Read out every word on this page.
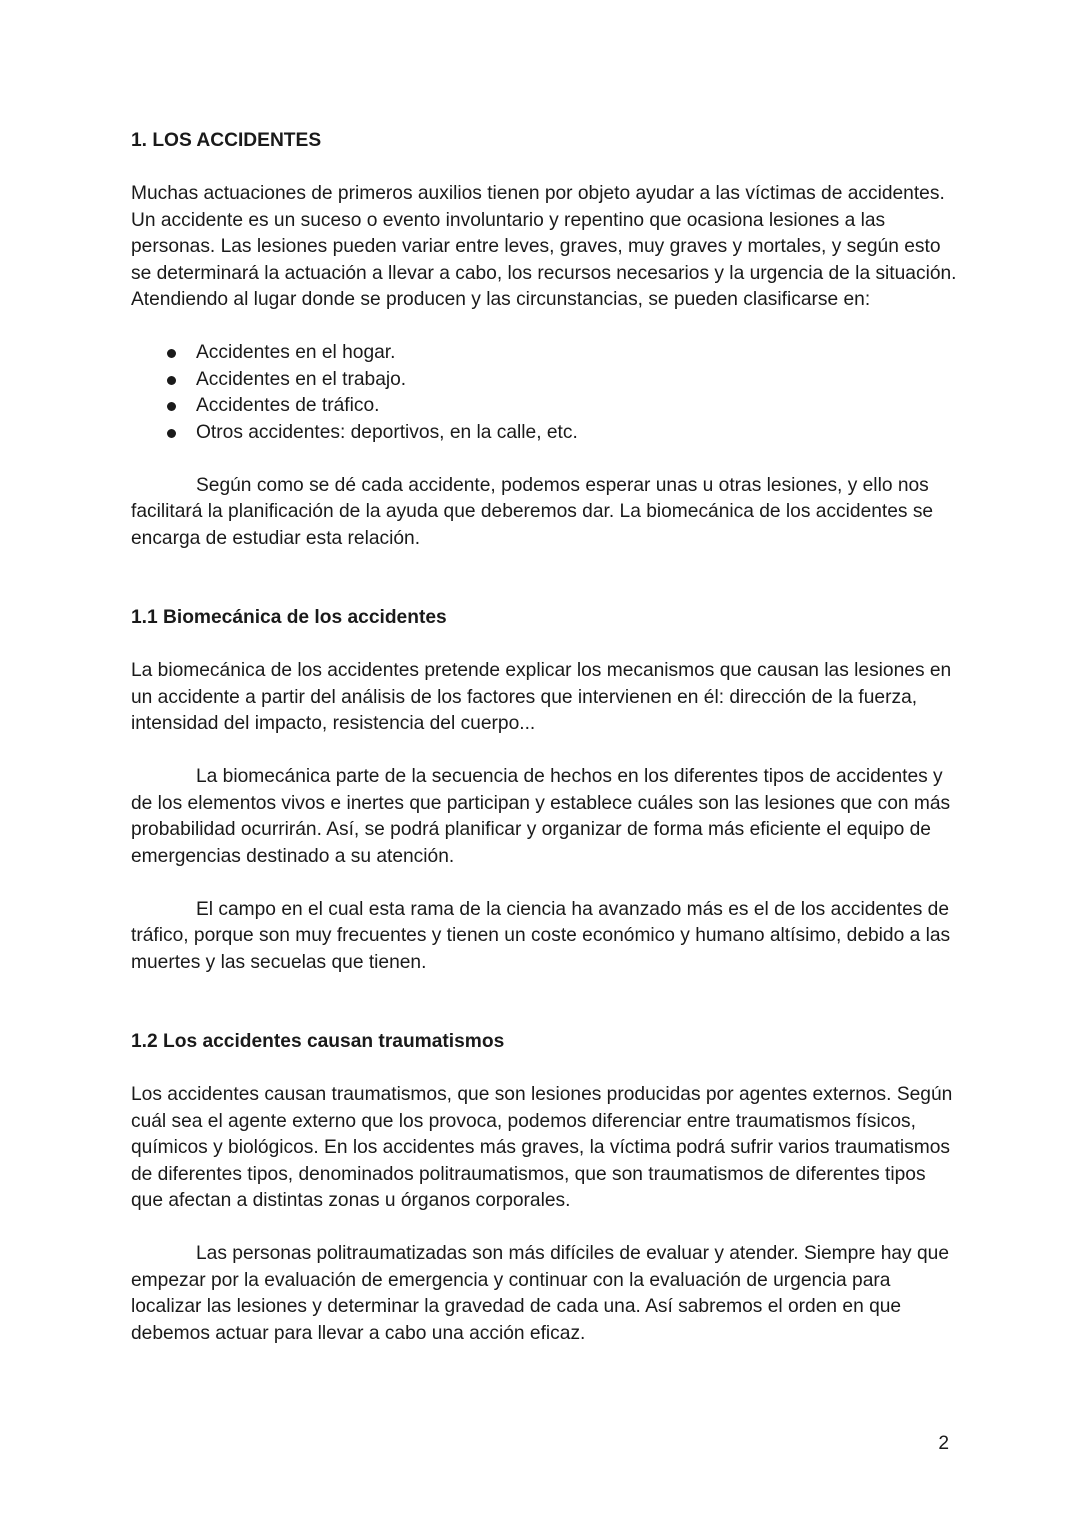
1. LOS ACCIDENTES

Muchas actuaciones de primeros auxilios tienen por objeto ayudar a las víctimas de accidentes. Un accidente es un suceso o evento involuntario y repentino que ocasiona lesiones a las personas. Las lesiones pueden variar entre leves, graves, muy graves y mortales, y según esto se determinará la actuación a llevar a cabo, los recursos necesarios y la urgencia de la situación. Atendiendo al lugar donde se producen y las circunstancias, se pueden clasificarse en:

Accidentes en el hogar.
Accidentes en el trabajo.
Accidentes de tráfico.
Otros accidentes: deportivos, en la calle, etc.

Según como se dé cada accidente, podemos esperar unas u otras lesiones, y ello nos facilitará la planificación de la ayuda que deberemos dar. La biomecánica de los accidentes se encarga de estudiar esta relación.

1.1 Biomecánica de los accidentes

La biomecánica de los accidentes pretende explicar los mecanismos que causan las lesiones en un accidente a partir del análisis de los factores que intervienen en él: dirección de la fuerza, intensidad del impacto, resistencia del cuerpo...

La biomecánica parte de la secuencia de hechos en los diferentes tipos de accidentes y de los elementos vivos e inertes que participan y establece cuáles son las lesiones que con más probabilidad ocurrirán. Así, se podrá planificar y organizar de forma más eficiente el equipo de emergencias destinado a su atención.

El campo en el cual esta rama de la ciencia ha avanzado más es el de los accidentes de tráfico, porque son muy frecuentes y tienen un coste económico y humano altísimo, debido a las muertes y las secuelas que tienen.

1.2 Los accidentes causan traumatismos

Los accidentes causan traumatismos, que son lesiones producidas por agentes externos. Según cuál sea el agente externo que los provoca, podemos diferenciar entre traumatismos físicos, químicos y biológicos. En los accidentes más graves, la víctima podrá sufrir varios traumatismos de diferentes tipos, denominados politraumatismos, que son traumatismos de diferentes tipos que afectan a distintas zonas u órganos corporales.

Las personas politraumatizadas son más difíciles de evaluar y atender. Siempre hay que empezar por la evaluación de emergencia y continuar con la evaluación de urgencia para localizar las lesiones y determinar la gravedad de cada una. Así sabremos el orden en que debemos actuar para llevar a cabo una acción eficaz.

2
